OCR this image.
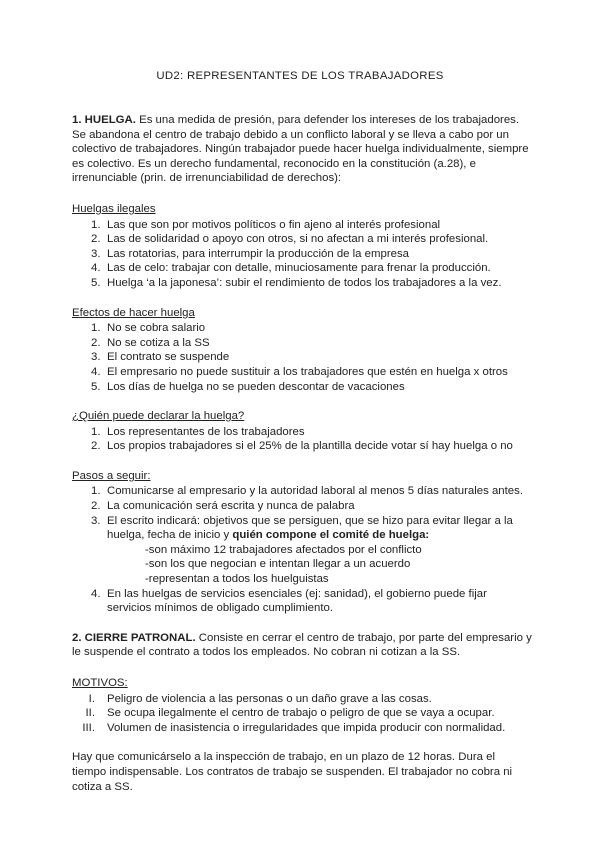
UD2: REPRESENTANTES DE LOS TRABAJADORES

1. HUELGA. Es una medida de presión, para defender los intereses de los trabajadores. Se abandona el centro de trabajo debido a un conflicto laboral y se lleva a cabo por un colectivo de trabajadores. Ningún trabajador puede hacer huelga individualmente, siempre es colectivo. Es un derecho fundamental, reconocido en la constitución (a.28), e irrenunciable (prin. de irrenunciabilidad de derechos):

Huelgas ilegales

1. Las que son por motivos políticos o fin ajeno al interés profesional
2. Las de solidaridad o apoyo con otros, si no afectan a mi interés profesional.
3. Las rotatorias, para interrumpir la producción de la empresa
4. Las de celo: trabajar con detalle, minuciosamente para frenar la producción.
5. Huelga ‘a la japonesa’: subir el rendimiento de todos los trabajadores a la vez.

Efectos de hacer huelga

1. No se cobra salario
2. No se cotiza a la SS
3. El contrato se suspende
4. El empresario no puede sustituir a los trabajadores que estén en huelga x otros
5. Los días de huelga no se pueden descontar de vacaciones

¿Quién puede declarar la huelga?

1. Los representantes de los trabajadores
2. Los propios trabajadores si el 25% de la plantilla decide votar sí hay huelga o no

Pasos a seguir:

1. Comunicarse al empresario y la autoridad laboral al menos 5 días naturales antes.
2. La comunicación será escrita y nunca de palabra
3. El escrito indicará: objetivos que se persiguen, que se hizo para evitar llegar a la huelga, fecha de inicio y quién compone el comité de huelga:
-son máximo 12 trabajadores afectados por el conflicto
-son los que negocian e intentan llegar a un acuerdo
-representan a todos los huelguistas
4. En las huelgas de servicios esenciales (ej: sanidad), el gobierno puede fijar servicios mínimos de obligado cumplimiento.

2. CIERRE PATRONAL. Consiste en cerrar el centro de trabajo, por parte del empresario y le suspende el contrato a todos los empleados. No cobran ni cotizan a la SS.

MOTIVOS:

I. Peligro de violencia a las personas o un daño grave a las cosas.
II. Se ocupa ilegalmente el centro de trabajo o peligro de que se vaya a ocupar.
III. Volumen de inasistencia o irregularidades que impida producir con normalidad.

Hay que comunicárselo a la inspección de trabajo, en un plazo de 12 horas. Dura el tiempo indispensable. Los contratos de trabajo se suspenden. El trabajador no cobra ni cotiza a SS.
